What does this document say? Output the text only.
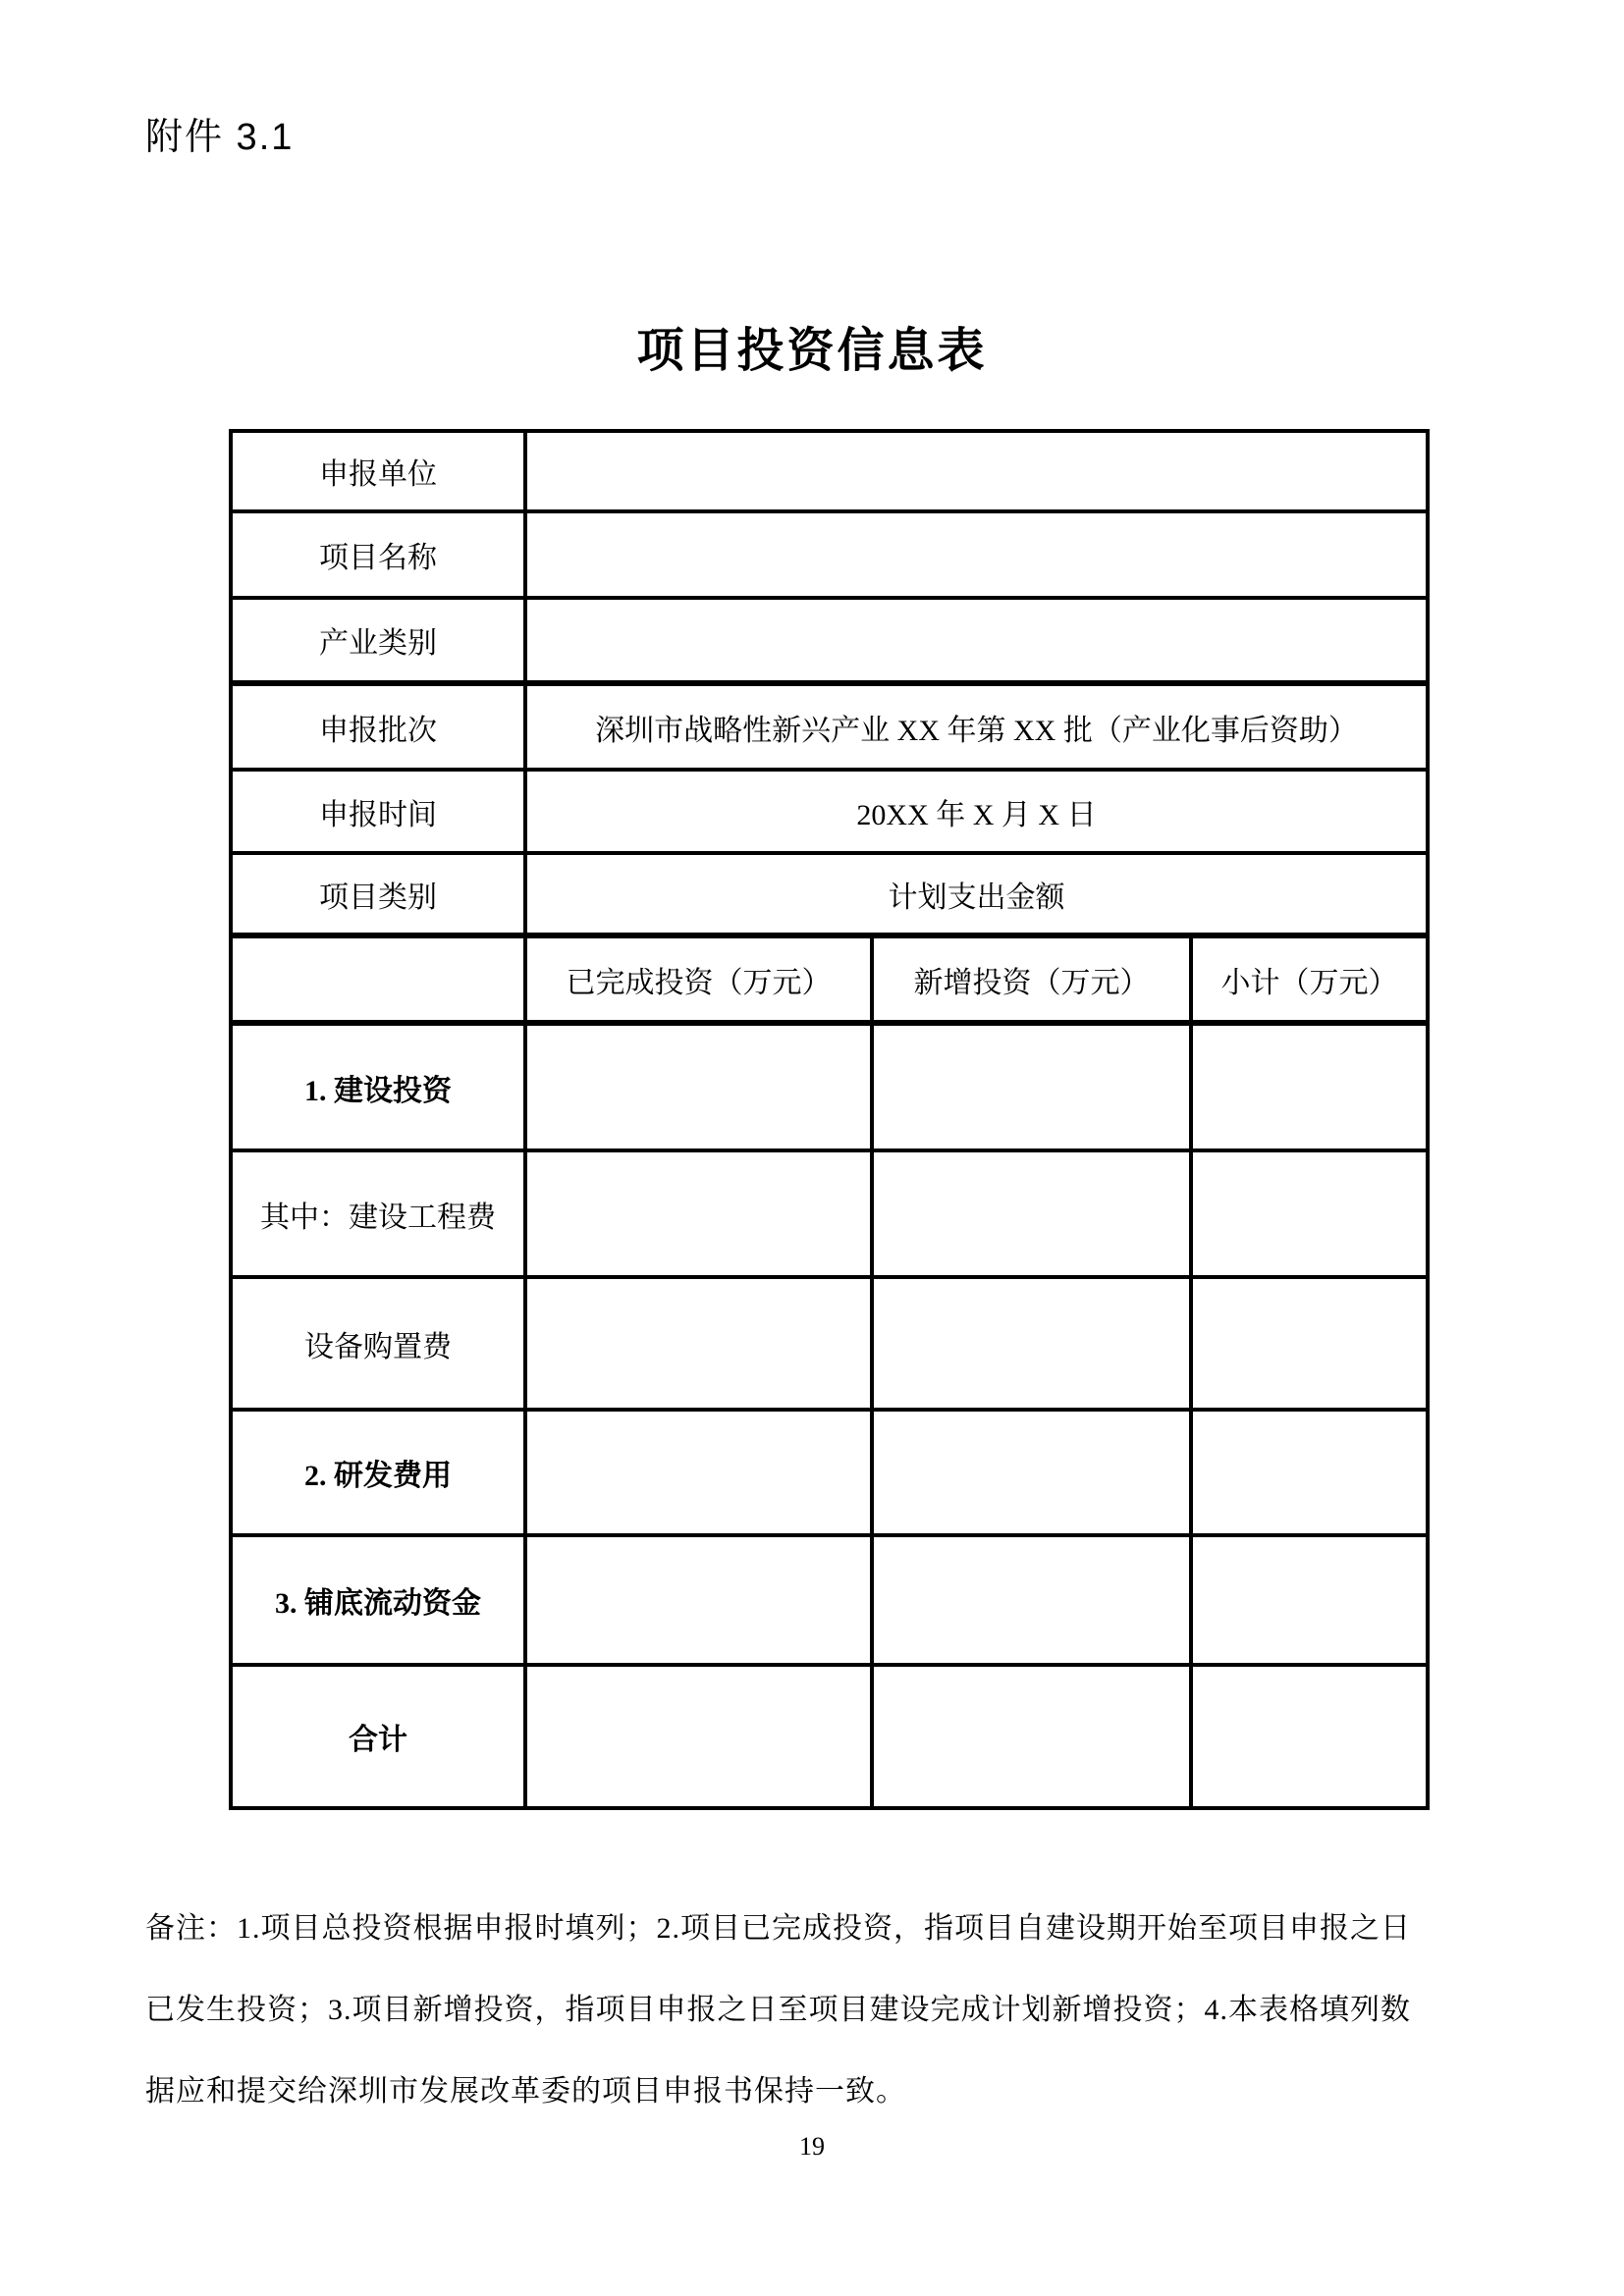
附件 3.1
项目投资信息表
申报单位			
项目名称			
产业类别			
申报批次	深圳市战略性新兴产业 XX 年第 XX 批（产业化事后资助）		
申报时间	20XX 年 X 月 X 日		
项目类别	计划支出金额		
	已完成投资（万元）	新增投资（万元）	小计（万元）
1. 建设投资			
其中：建设工程费			
设备购置费			
2. 研发费用			
3. 铺底流动资金			
合计			
备注：1.项目总投资根据申报时填列；2.项目已完成投资，指项目自建设期开始至项目申报之日
已发生投资；3.项目新增投资，指项目申报之日至项目建设完成计划新增投资；4.本表格填列数
据应和提交给深圳市发展改革委的项目申报书保持一致。
19
